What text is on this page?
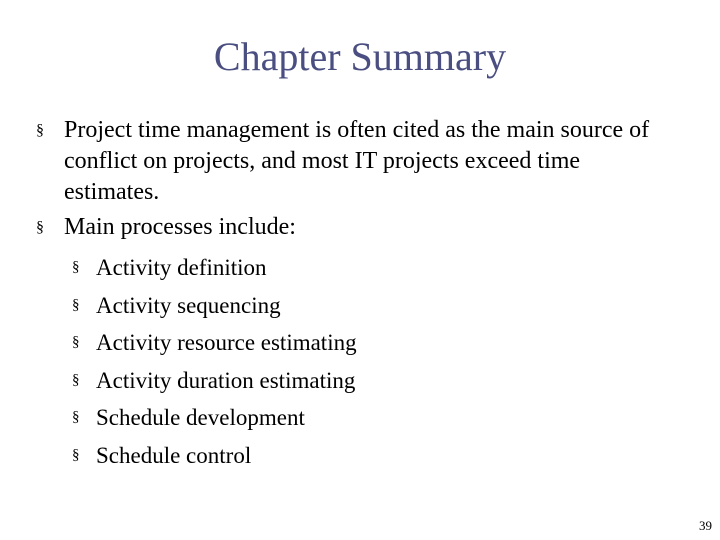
Chapter Summary
§ Project time management is often cited as the main source of conflict on projects, and most IT projects exceed time estimates.
§ Main processes include:
§ Activity definition
§ Activity sequencing
§ Activity resource estimating
§ Activity duration estimating
§ Schedule development
§ Schedule control
39
